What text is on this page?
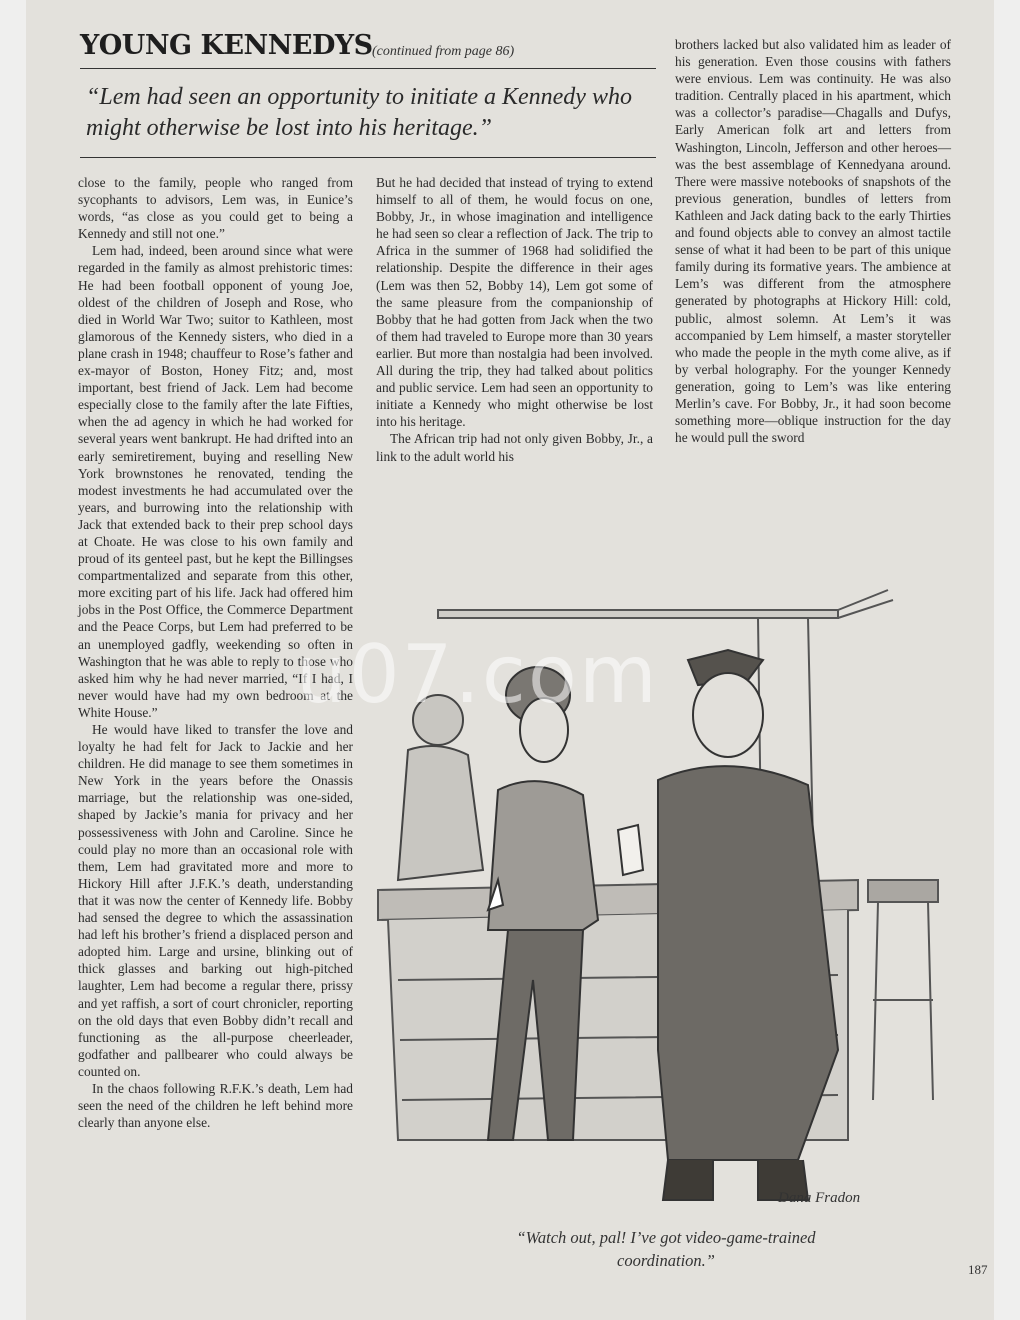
YOUNG KENNEDYS (continued from page 86)
“Lem had seen an opportunity to initiate a Kennedy who might otherwise be lost into his heritage.”

close to the family, people who ranged from sycophants to advisors, Lem was, in Eunice’s words, “as close as you could get to being a Kennedy and still not one.”

Lem had, indeed, been around since what were regarded in the family as almost prehistoric times: He had been football opponent of young Joe, oldest of the children of Joseph and Rose, who died in World War Two; suitor to Kathleen, most glamorous of the Kennedy sisters, who died in a plane crash in 1948; chauffeur to Rose’s father and ex-mayor of Boston, Honey Fitz; and, most important, best friend of Jack. Lem had become especially close to the family after the late Fifties, when the ad agency in which he had worked for several years went bankrupt. He had drifted into an early semiretirement, buying and reselling New York brownstones he renovated, tending the modest investments he had accumulated over the years, and burrowing into the relationship with Jack that extended back to their prep school days at Choate. He was close to his own family and proud of its genteel past, but he kept the Billingses compartmentalized and separate from this other, more exciting part of his life. Jack had offered him jobs in the Post Office, the Commerce Department and the Peace Corps, but Lem had preferred to be an unemployed gadfly, weekending so often in Washington that he was able to reply to those who asked him why he had never married, “If I had, I never would have had my own bedroom at the White House.”

He would have liked to transfer the love and loyalty he had felt for Jack to Jackie and her children. He did manage to see them sometimes in New York in the years before the Onassis marriage, but the relationship was one-sided, shaped by Jackie’s mania for privacy and her possessiveness with John and Caroline. Since he could play no more than an occasional role with them, Lem had gravitated more and more to Hickory Hill after J.F.K.’s death, understanding that it was now the center of Kennedy life. Bobby had sensed the degree to which the assassination had left his brother’s friend a displaced person and adopted him. Large and ursine, blinking out of thick glasses and barking out high-pitched laughter, Lem had become a regular there, prissy and yet raffish, a sort of court chronicler, reporting on the old days that even Bobby didn’t recall and functioning as the all-purpose cheerleader, godfather and pallbearer who could always be counted on.

In the chaos following R.F.K.’s death, Lem had seen the need of the children he left behind more clearly than anyone else.

But he had decided that instead of trying to extend himself to all of them, he would focus on one, Bobby, Jr., in whose imagination and intelligence he had seen so clear a reflection of Jack. The trip to Africa in the summer of 1968 had solidified the relationship. Despite the difference in their ages (Lem was then 52, Bobby 14), Lem got some of the same pleasure from the companionship of Bobby that he had gotten from Jack when the two of them had traveled to Europe more than 30 years earlier. But more than nostalgia had been involved. All during the trip, they had talked about politics and public service. Lem had seen an opportunity to initiate a Kennedy who might otherwise be lost into his heritage.

The African trip had not only given Bobby, Jr., a link to the adult world his

brothers lacked but also validated him as leader of his generation. Even those cousins with fathers were envious. Lem was continuity. He was also tradition. Centrally placed in his apartment, which was a collector’s paradise—Chagalls and Dufys, Early American folk art and letters from Washington, Lincoln, Jefferson and other heroes—was the best assemblage of Kennedyana around. There were massive notebooks of snapshots of the previous generation, bundles of letters from Kathleen and Jack dating back to the early Thirties and found objects able to convey an almost tactile sense of what it had been to be part of this unique family during its formative years. The ambience at Lem’s was different from the atmosphere generated by photographs at Hickory Hill: cold, public, almost solemn. At Lem’s it was accompanied by Lem himself, a master storyteller who made the people in the myth come alive, as if by verbal holography. For the younger Kennedy generation, going to Lem’s was like entering Merlin’s cave. For Bobby, Jr., it had soon become something more—oblique instruction for the day he would pull the sword

u07.com
Dana Fradon
“Watch out, pal! I’ve got video-game-trained
coordination.”	187
